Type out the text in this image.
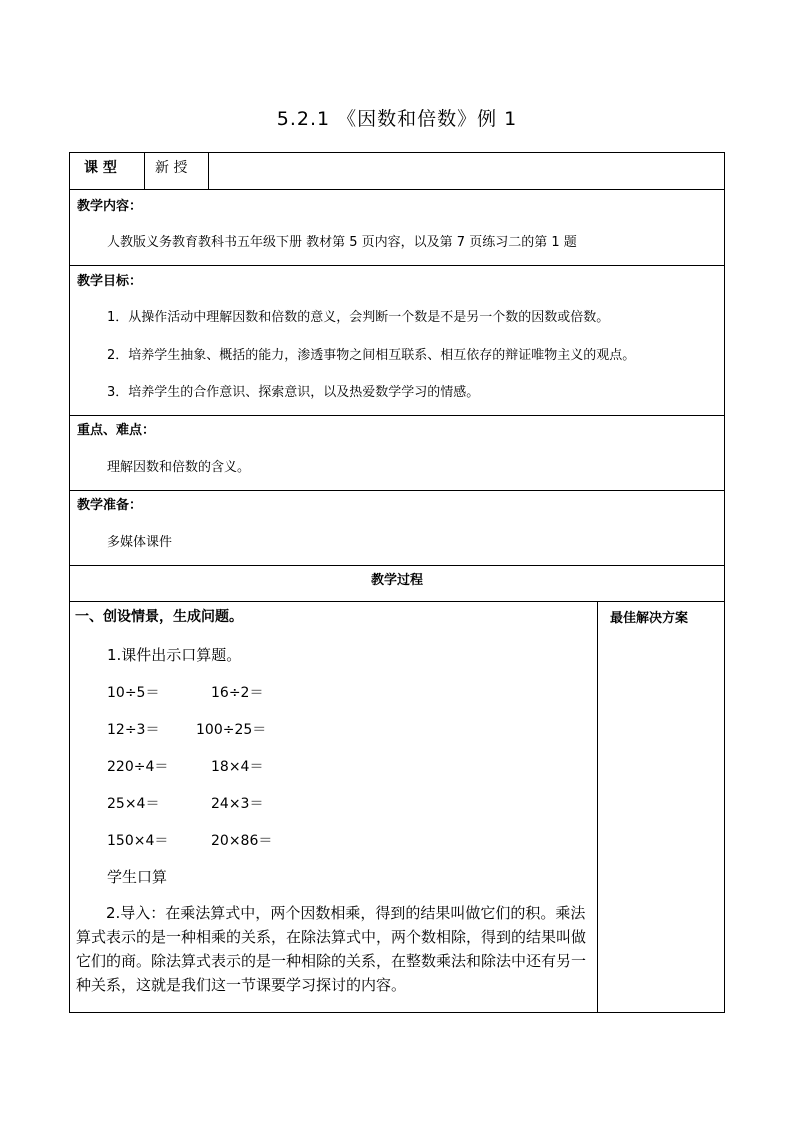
5.2.1 《因数和倍数》例 1
课 型	新 授
教学内容：
人教版义务教育教科书五年级下册 教材第 5 页内容，以及第 7 页练习二的第 1 题
教学目标：
1．从操作活动中理解因数和倍数的意义，会判断一个数是不是另一个数的因数或倍数。
2．培养学生抽象、概括的能力，渗透事物之间相互联系、相互依存的辩证唯物主义的观点。
3．培养学生的合作意识、探索意识，以及热爱数学学习的情感。
重点、难点：
理解因数和倍数的含义。
教学准备：
多媒体课件
教学过程
一、创设情景，生成问题。	最佳解决方案
1.课件出示口算题。
10÷5＝	16÷2＝
12÷3＝	100÷25＝
220÷4＝	18×4＝
25×4＝	24×3＝
150×4＝	20×86＝
学生口算
2.导入：在乘法算式中，两个因数相乘，得到的结果叫做它们的积。乘法算式表示的是一种相乘的关系，在除法算式中，两个数相除，得到的结果叫做它们的商。除法算式表示的是一种相除的关系，在整数乘法和除法中还有另一种关系，这就是我们这一节课要学习探讨的内容。
